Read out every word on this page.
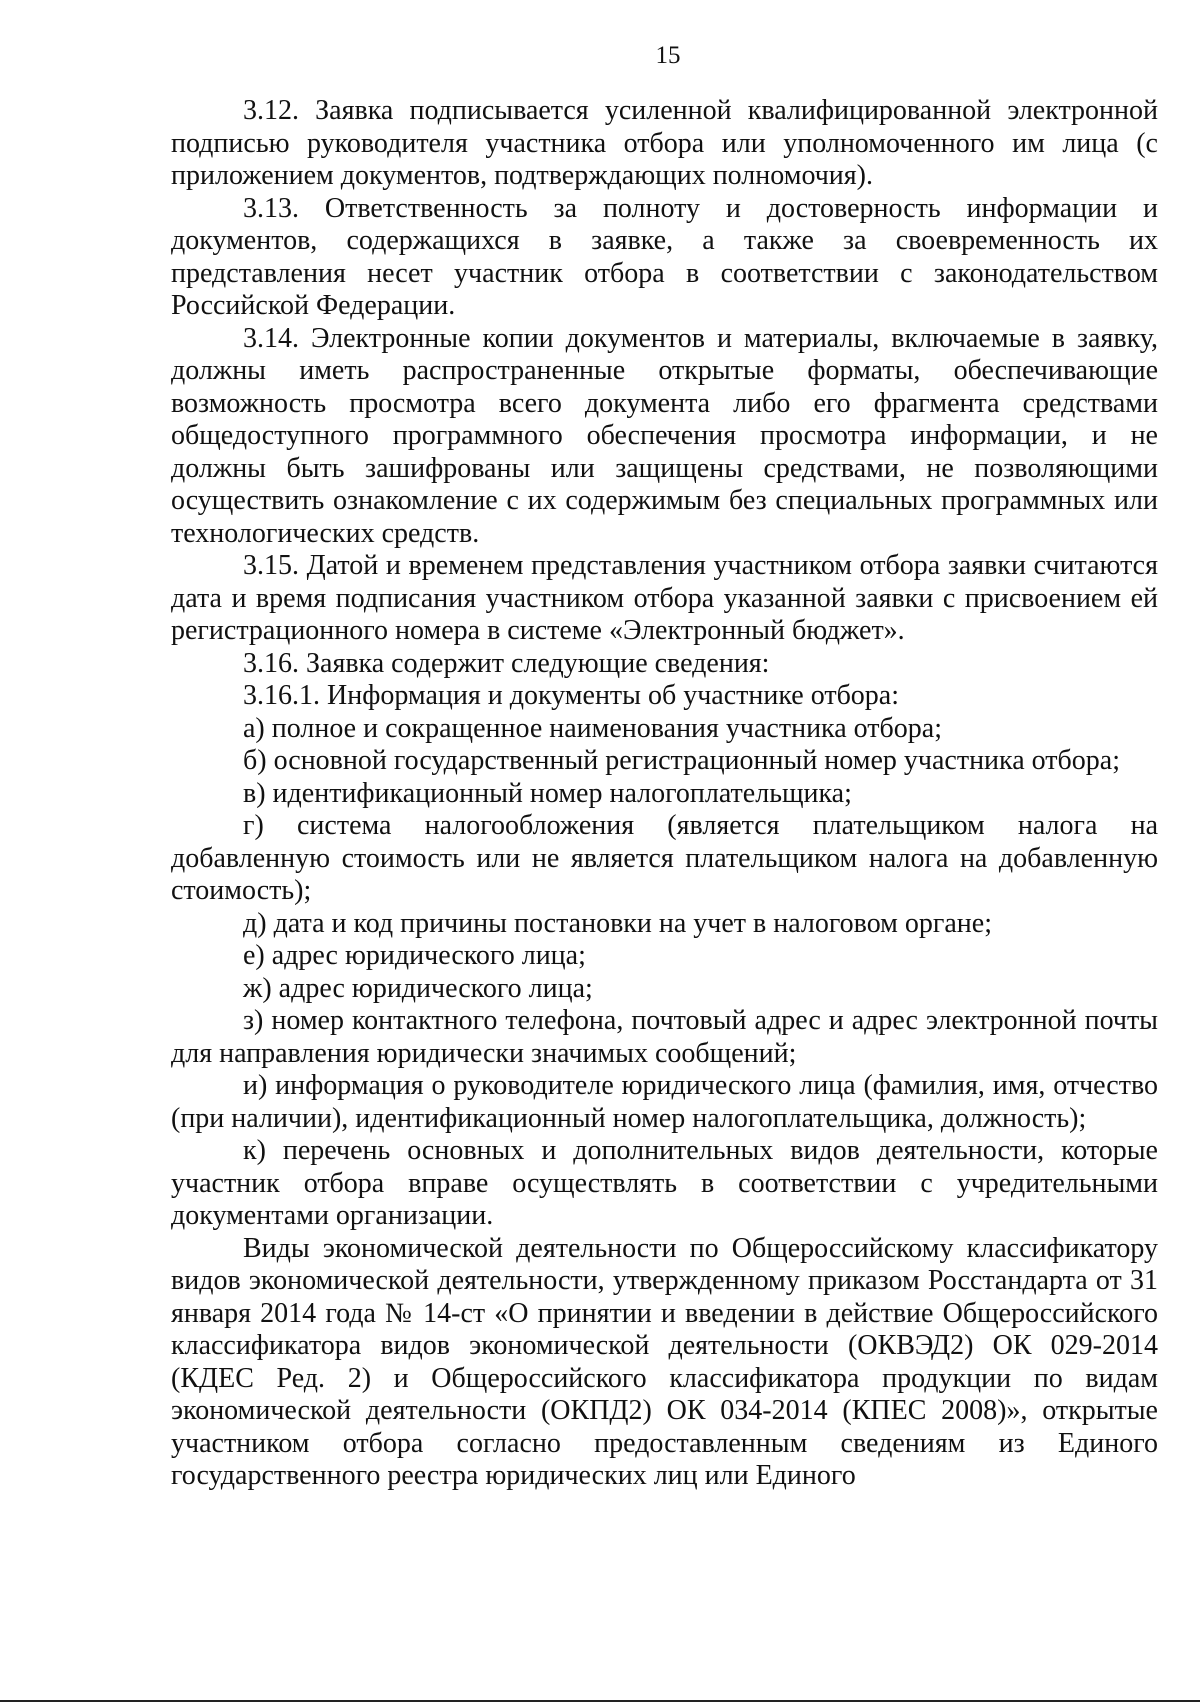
15

3.12. Заявка подписывается усиленной квалифицированной электронной подписью руководителя участника отбора или уполномоченного им лица (с приложением документов, подтверждающих полномочия).

3.13. Ответственность за полноту и достоверность информации и документов, содержащихся в заявке, а также за своевременность их представления несет участник отбора в соответствии с законодательством Российской Федерации.

3.14. Электронные копии документов и материалы, включаемые в заявку, должны иметь распространенные открытые форматы, обеспечивающие возможность просмотра всего документа либо его фрагмента средствами общедоступного программного обеспечения просмотра информации, и не должны быть зашифрованы или защищены средствами, не позволяющими осуществить ознакомление с их содержимым без специальных программных или технологических средств.

3.15. Датой и временем представления участником отбора заявки считаются дата и время подписания участником отбора указанной заявки с присвоением ей регистрационного номера в системе «Электронный бюджет».

3.16. Заявка содержит следующие сведения:

3.16.1. Информация и документы об участнике отбора:

а) полное и сокращенное наименования участника отбора;

б) основной государственный регистрационный номер участника отбора;

в) идентификационный номер налогоплательщика;

г) система налогообложения (является плательщиком налога на добавленную стоимость или не является плательщиком налога на добавленную стоимость);

д) дата и код причины постановки на учет в налоговом органе;

е) адрес юридического лица;

ж) адрес юридического лица;

з) номер контактного телефона, почтовый адрес и адрес электронной почты для направления юридически значимых сообщений;

и) информация о руководителе юридического лица (фамилия, имя, отчество (при наличии), идентификационный номер налогоплательщика, должность);

к) перечень основных и дополнительных видов деятельности, которые участник отбора вправе осуществлять в соответствии с учредительными документами организации.

Виды экономической деятельности по Общероссийскому классификатору видов экономической деятельности, утвержденному приказом Росстандарта от 31 января 2014 года № 14-ст «О принятии и введении в действие Общероссийского классификатора видов экономической деятельности (ОКВЭД2) ОК 029-2014 (КДЕС Ред. 2) и Общероссийского классификатора продукции по видам экономической деятельности (ОКПД2) ОК 034-2014 (КПЕС 2008)», открытые участником отбора согласно предоставленным сведениям из Единого государственного реестра юридических лиц или Единого
